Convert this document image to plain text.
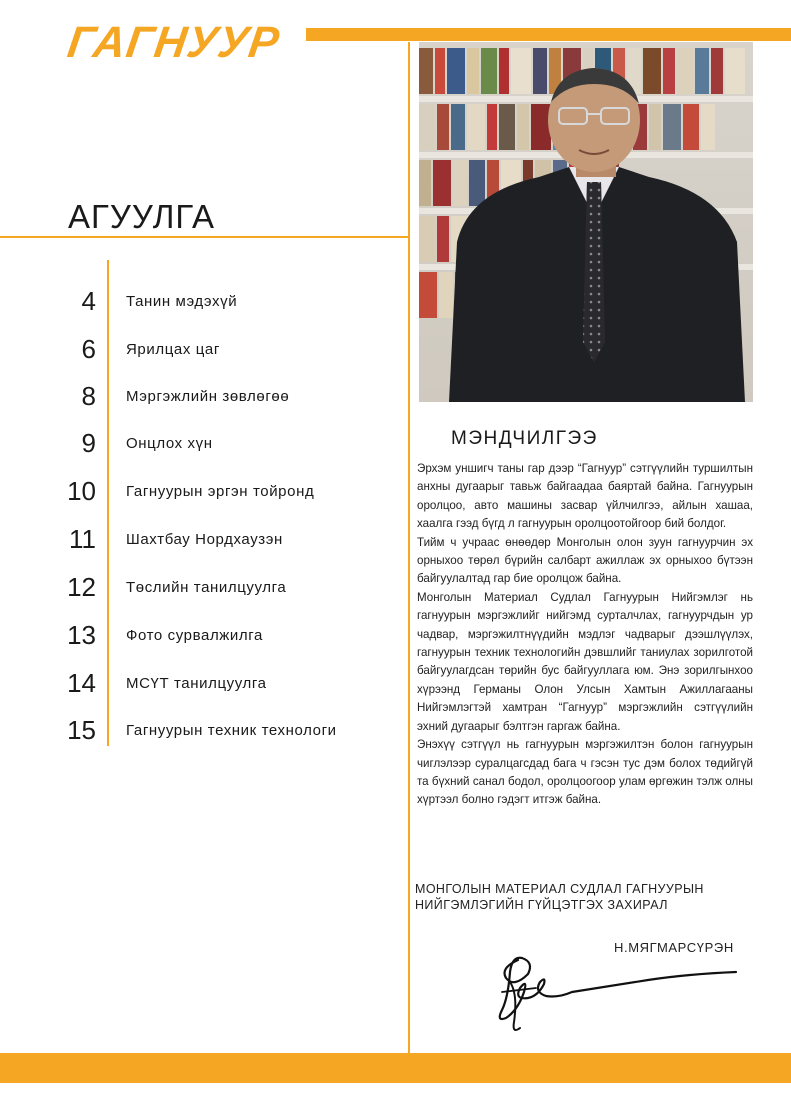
ГАГНУУР
АГУУЛГА
4 Танин мэдэхүй
6 Ярилцах цаг
8 Мэргэжлийн зөвлөгөө
9 Онцлох хүн
10 Гагнуурын эргэн тойронд
11 Шахтбау Нордхаузэн
12 Төслийн танилцуулга
13 Фото сурвалжилга
14 МСҮТ танилцуулга
15 Гагнуурын техник технологи
МЭНДЧИЛГЭЭ

Эрхэм уншигч таны гар дээр “Гагнуур” сэтгүүлийн туршилтын анхны дугаарыг тавьж байгаадаа баяртай байна. Гагнуурын оролцоо, авто машины засвар үйлчилгээ, айлын хашаа, хаалга гээд бүгд л гагнуурын оролцоотойгоор бий болдог.

Тийм ч учраас өнөөдөр Монголын олон зуун гагнуурчин эх орныхоо төрөл бүрийн салбарт ажиллаж эх орныхоо бүтээн байгуулалтад гар бие оролцож байна.

Монголын Материал Судлал Гагнуурын Нийгэмлэг нь гагнуурын мэргэжлийг нийгэмд сурталчлах, гагнуурчдын ур чадвар, мэргэжилтнүүдийн мэдлэг чадварыг дээшлүүлэх, гагнуурын техник технологийн дэвшлийг таниулах зорилготой байгуулагдсан төрийн бус байгууллага юм. Энэ зорилгынхоо хүрээнд Германы Олон Улсын Хамтын Ажиллагааны Нийгэмлэгтэй хамтран “Гагнуур” мэргэжлийн сэтгүүлийн эхний дугаарыг бэлтгэн гаргаж байна.

Энэхүү сэтгүүл нь гагнуурын мэргэжилтэн болон гагнуурын чиглэлээр суралцагсдад бага ч гэсэн тус дэм болох төдийгүй та бүхний санал бодол, оролцоогоор улам өргөжин тэлж олны хүртээл болно гэдэгт итгэж байна.

МОНГОЛЫН МАТЕРИАЛ СУДЛАЛ ГАГНУУРЫН
НИЙГЭМЛЭГИЙН ГҮЙЦЭТГЭХ ЗАХИРАЛ
Н.МЯГМАРСҮРЭН
